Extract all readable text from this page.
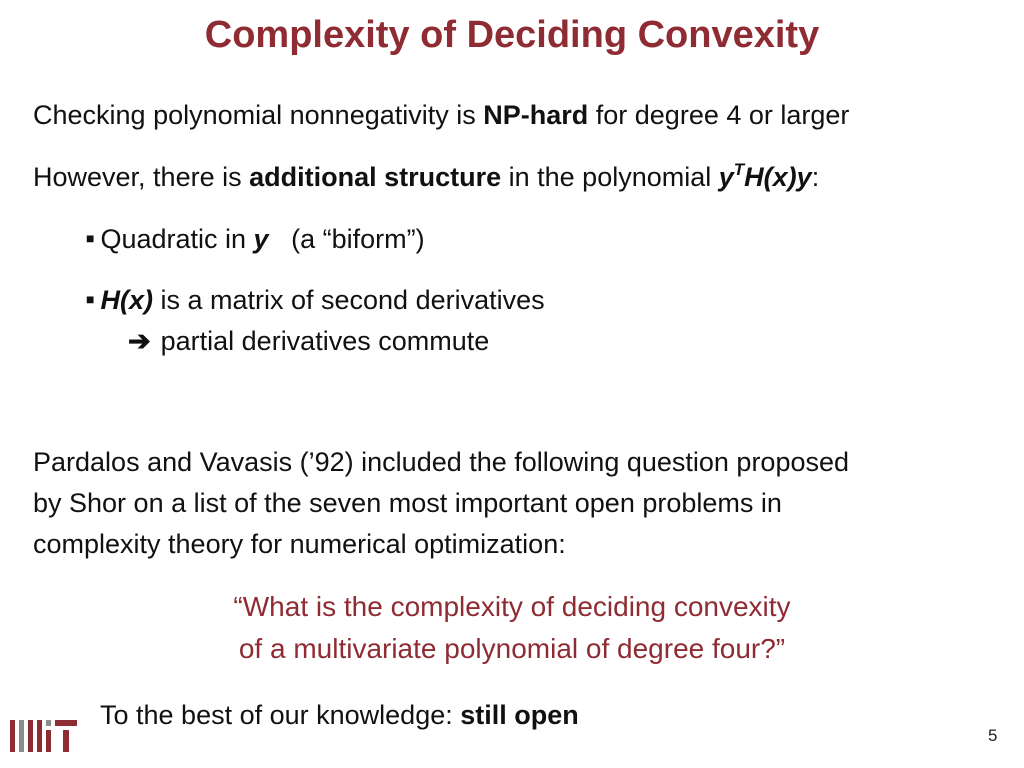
Complexity of Deciding Convexity
Checking polynomial nonnegativity is NP-hard for degree 4 or larger
However, there is additional structure in the polynomial $y^TH(x)y$:
■ Quadratic in y   (a “biform”)
■ H(x) is a matrix of second derivatives
➔ partial derivatives commute
Pardalos and Vavasis (’92) included the following question proposed
by Shor on a list of the seven most important open problems in
complexity theory for numerical optimization:
“What is the complexity of deciding convexity
of a multivariate polynomial of degree four?”
To the best of our knowledge: still open
5
